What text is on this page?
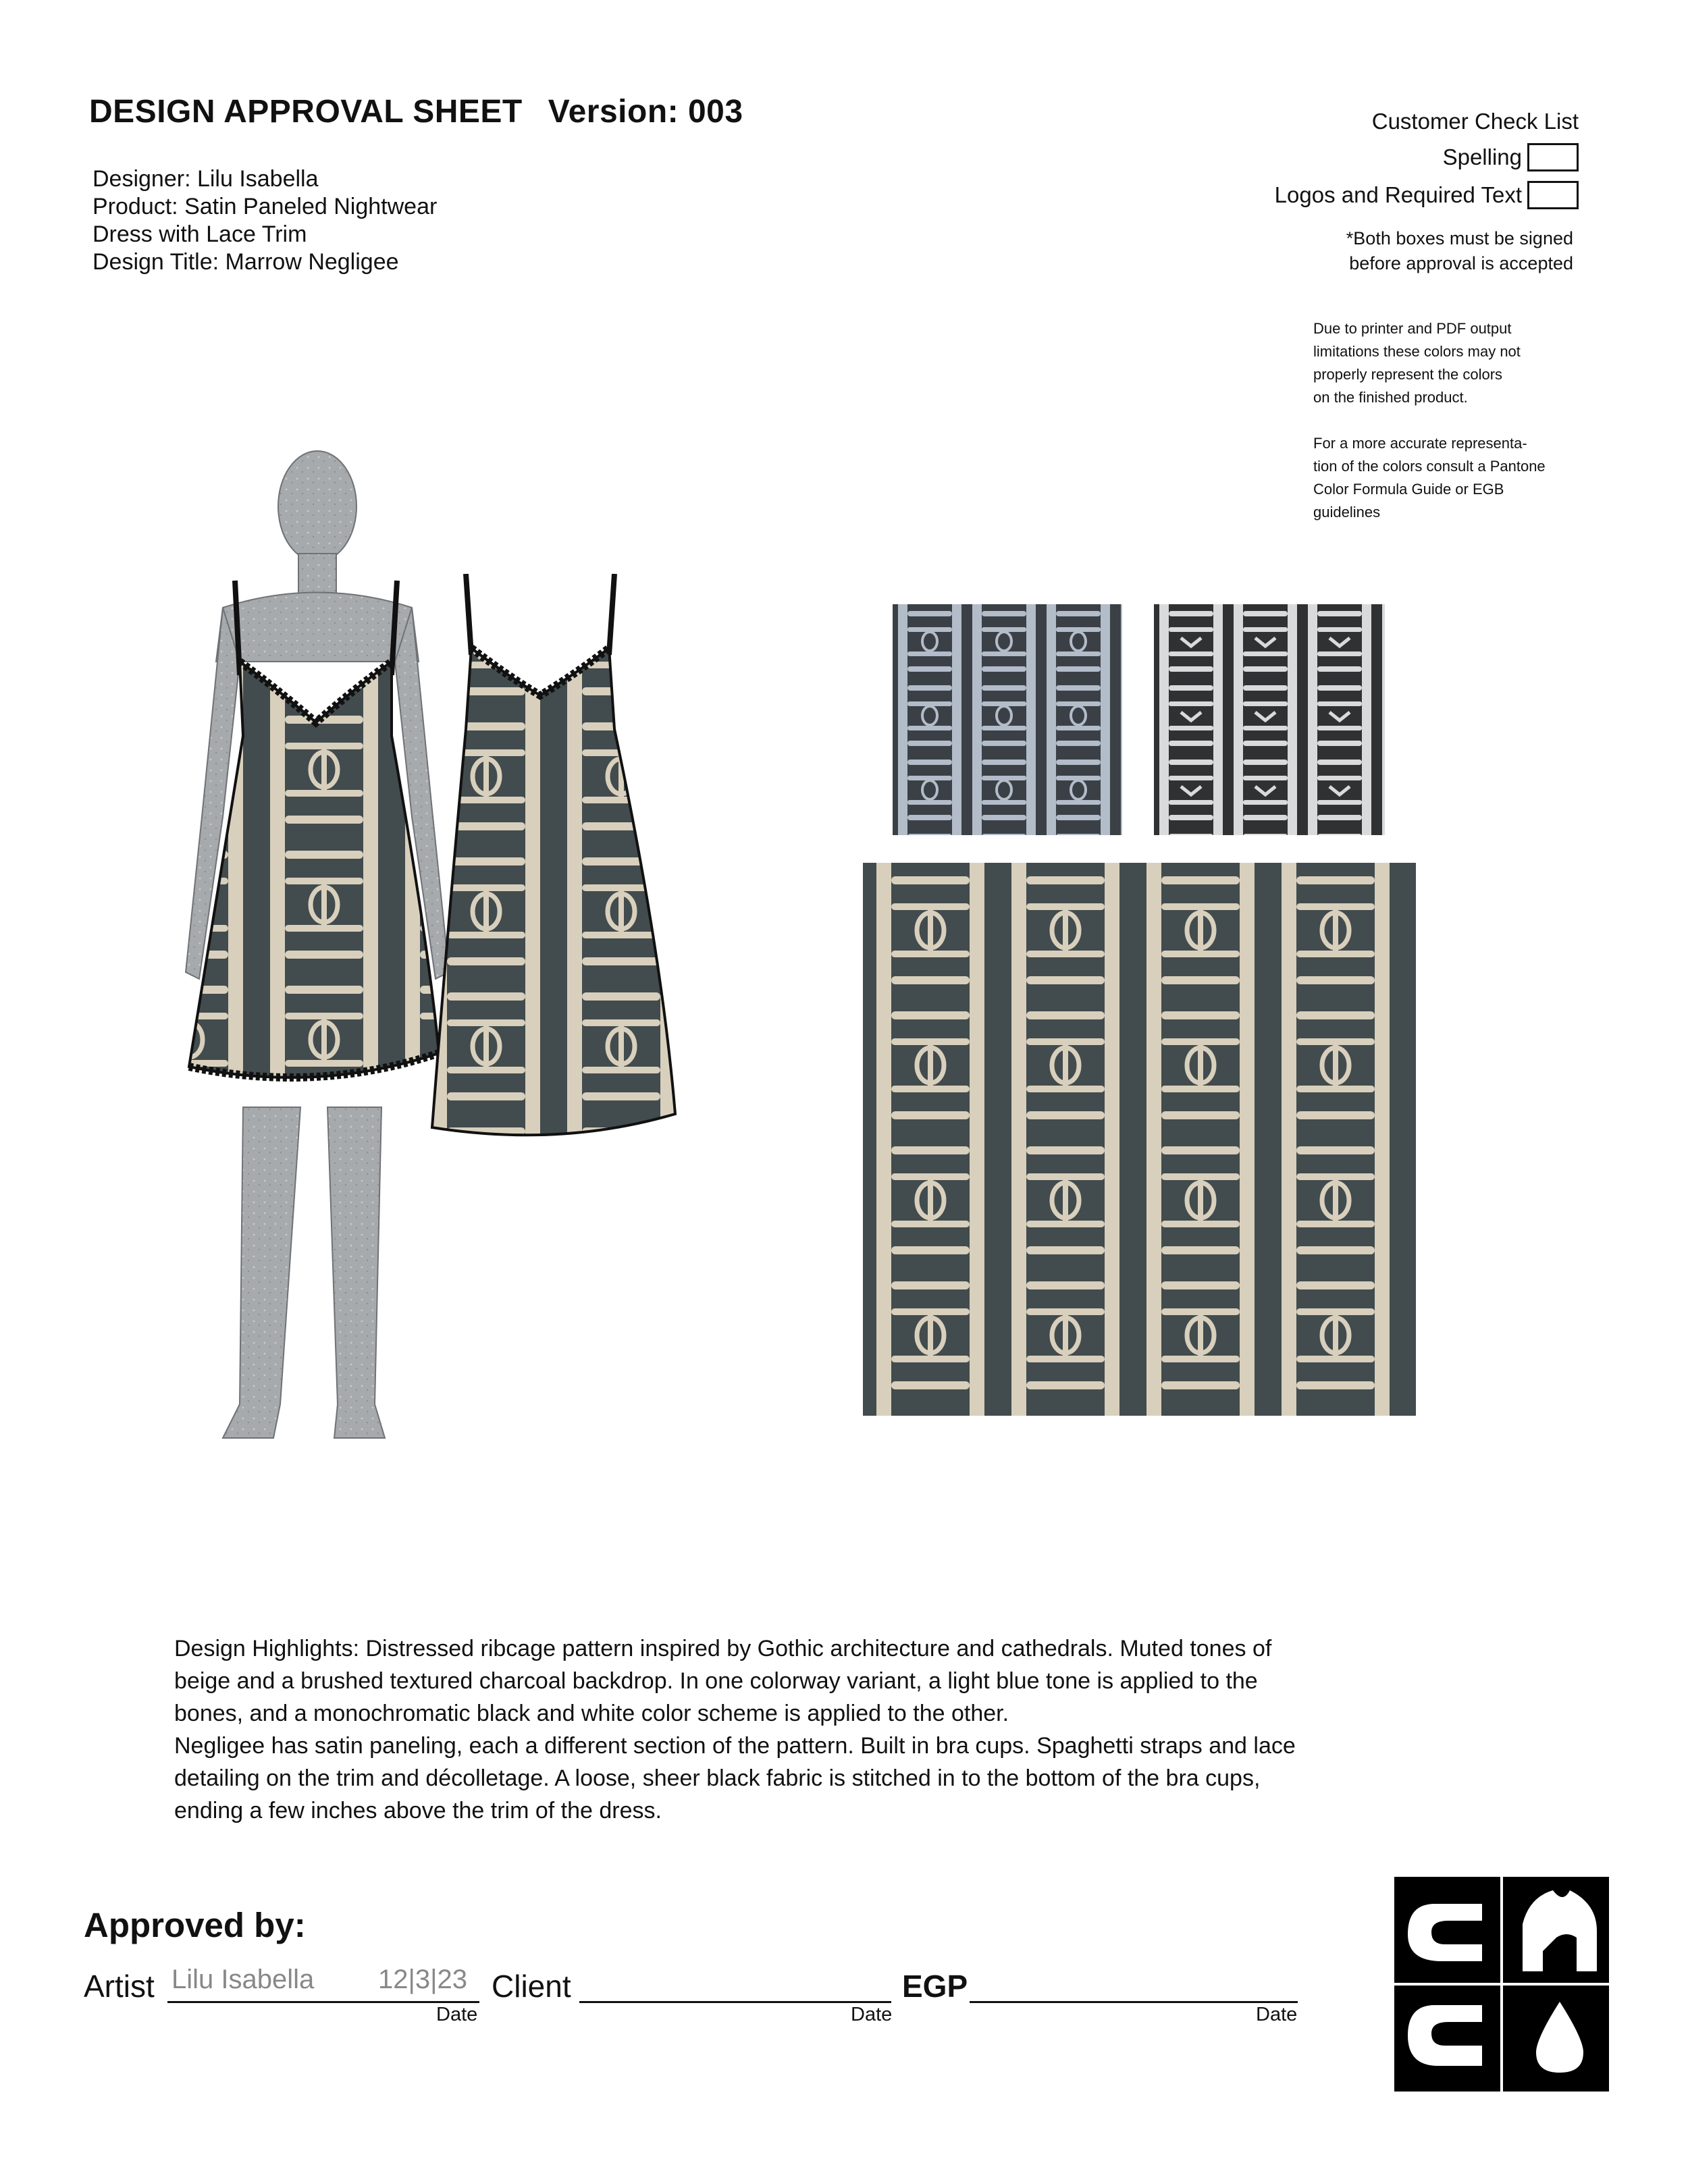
DESIGN APPROVAL SHEET Version: 003
Designer: Lilu Isabella
Product: Satin Paneled Nightwear
Dress with Lace Trim
Design Title: Marrow Negligee
Customer Check List
Spelling
Logos and Required Text
*Both boxes must be signed
before approval is accepted

Due to printer and PDF output
limitations these colors may not
properly represent the colors
on the finished product.

For a more accurate representa-
tion of the colors consult a Pantone
Color Formula Guide or EGB
guidelines

Design Highlights: Distressed ribcage pattern inspired by Gothic architecture and cathedrals. Muted tones of

beige and a brushed textured charcoal backdrop. In one colorway variant, a light blue tone is applied to the

bones, and a monochromatic black and white color scheme is applied to the other.

Negligee has satin paneling, each a different section of the pattern. Built in bra cups. Spaghetti straps and lace

detailing on the trim and décolletage. A loose, sheer black fabric is stitched in to the bottom of the bra cups,

ending a few inches above the trim of the dress.

Approved by:
Artist Lilu Isabella 12|3|23
Date
Client
Date
EGP
Date
